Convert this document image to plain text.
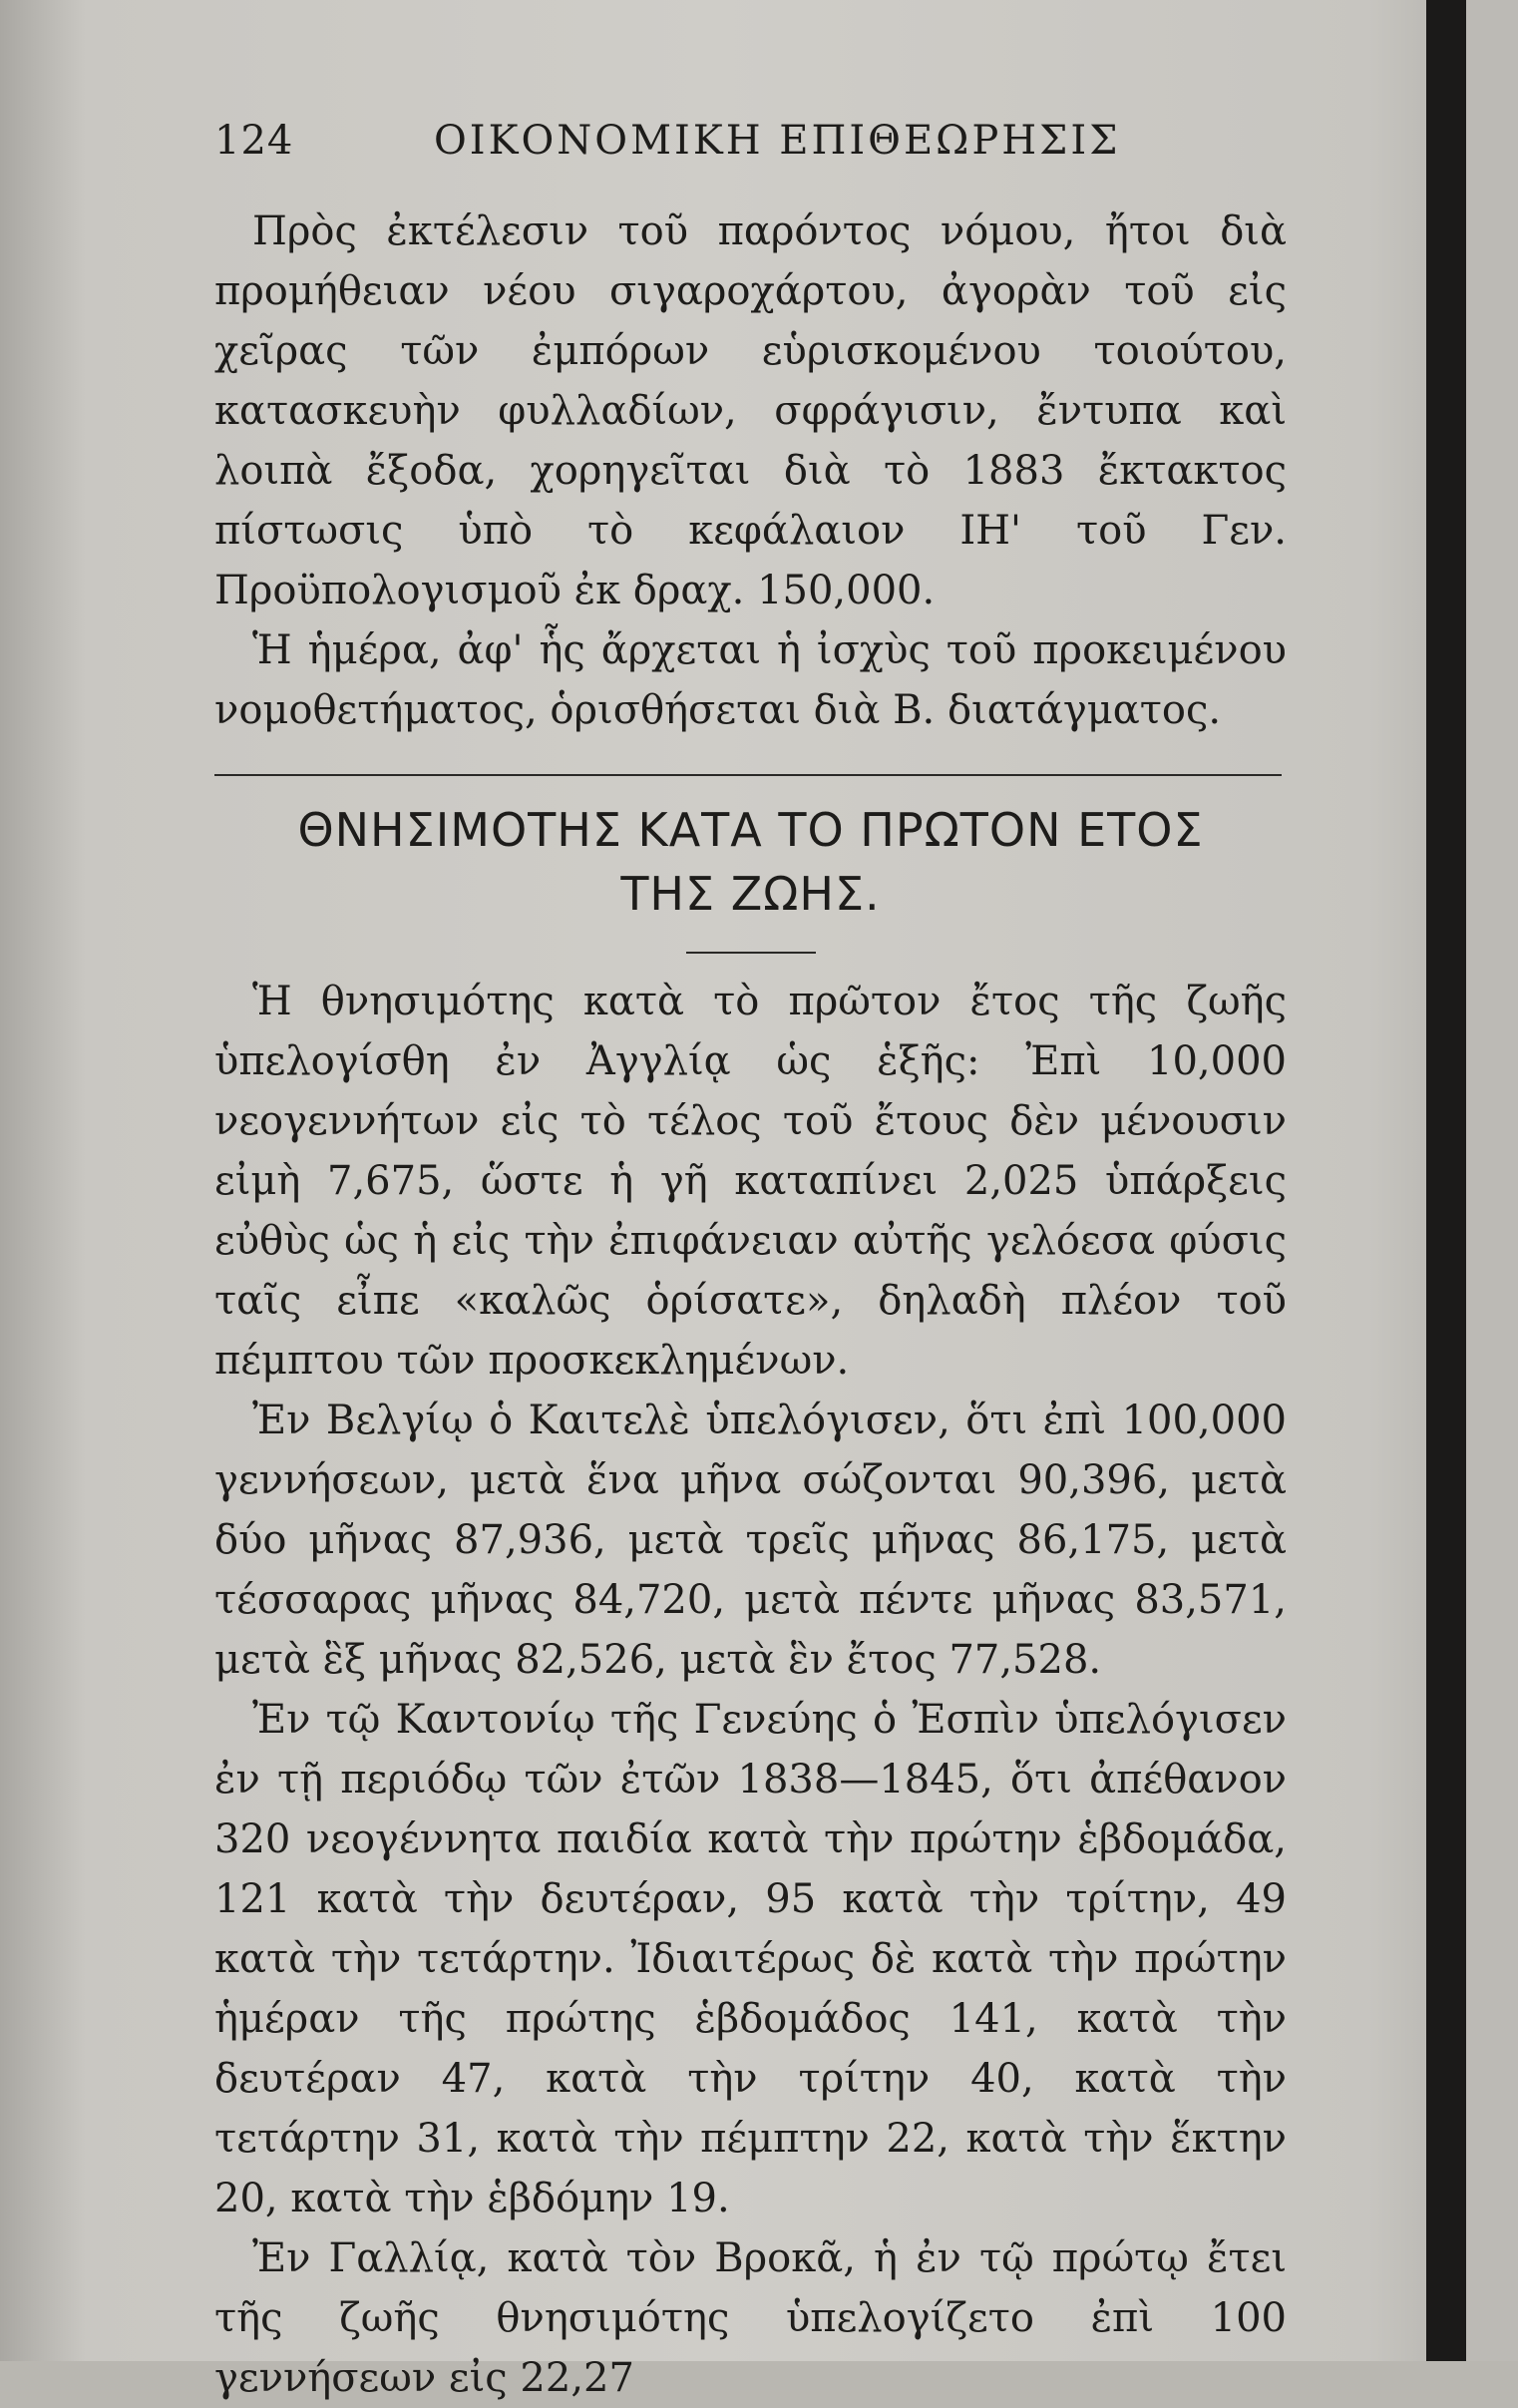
124	ΟΙΚΟΝΟΜΙΚΗ ΕΠΙΘΕΩΡΗΣΙΣ

Πρὸς ἐκτέλεσιν τοῦ παρόντος νόμου, ἤτοι διὰ προμήθειαν νέου σιγαροχάρτου, ἀγορὰν τοῦ εἰς χεῖρας τῶν ἐμπόρων εὑρισκομένου τοιούτου, κατασκευὴν φυλλαδίων, σφράγισιν, ἔντυπα καὶ λοιπὰ ἔξοδα, χορηγεῖται διὰ τὸ 1883 ἔκτακτος πίστωσις ὑπὸ τὸ κεφάλαιον ΙΗ' τοῦ Γεν. Προϋπολογισμοῦ ἐκ δραχ. 150,000.

Ἡ ἡμέρα, ἀφ' ἧς ἄρχεται ἡ ἰσχὺς τοῦ προκειμένου νομοθετήματος, ὁρισθήσεται διὰ Β. διατάγματος.

ΘΝΗΣΙΜΟΤΗΣ ΚΑΤΑ ΤΟ ΠΡΩΤΟΝ ΕΤΟΣ
ΤΗΣ ΖΩΗΣ.

Ἡ θνησιμότης κατὰ τὸ πρῶτον ἔτος τῆς ζωῆς ὑπελογίσθη ἐν Ἀγγλίᾳ ὡς ἑξῆς: Ἐπὶ 10,000 νεογεννήτων εἰς τὸ τέλος τοῦ ἔτους δὲν μένουσιν εἰμὴ 7,675, ὥστε ἡ γῆ καταπίνει 2,025 ὑπάρξεις εὐθὺς ὡς ἡ εἰς τὴν ἐπιφάνειαν αὐτῆς γελόεσα φύσις ταῖς εἶπε «καλῶς ὁρίσατε», δηλαδὴ πλέον τοῦ πέμπτου τῶν προσκεκλημένων.

Ἐν Βελγίῳ ὁ Καιτελὲ ὑπελόγισεν, ὅτι ἐπὶ 100,000 γεννήσεων, μετὰ ἕνα μῆνα σώζονται 90,396, μετὰ δύο μῆνας 87,936, μετὰ τρεῖς μῆνας 86,175, μετὰ τέσσαρας μῆνας 84,720, μετὰ πέντε μῆνας 83,571, μετὰ ἓξ μῆνας 82,526, μετὰ ἓν ἔτος 77,528.

Ἐν τῷ Καντονίῳ τῆς Γενεύης ὁ Ἐσπὶν ὑπελόγισεν ἐν τῇ περιόδῳ τῶν ἐτῶν 1838—1845, ὅτι ἀπέθανον 320 νεογέννητα παιδία κατὰ τὴν πρώτην ἑβδομάδα, 121 κατὰ τὴν δευτέραν, 95 κατὰ τὴν τρίτην, 49 κατὰ τὴν τετάρτην. Ἰδιαιτέρως δὲ κατὰ τὴν πρώτην ἡμέραν τῆς πρώτης ἑβδομάδος 141, κατὰ τὴν δευτέραν 47, κατὰ τὴν τρίτην 40, κατὰ τὴν τετάρτην 31, κατὰ τὴν πέμπτην 22, κατὰ τὴν ἕκτην 20, κατὰ τὴν ἑβδόμην 19.

Ἐν Γαλλίᾳ, κατὰ τὸν Βροκᾶ, ἡ ἐν τῷ πρώτῳ ἔτει τῆς ζωῆς θνησιμότης ὑπελογίζετο ἐπὶ 100 γεννήσεων εἰς 22,27
